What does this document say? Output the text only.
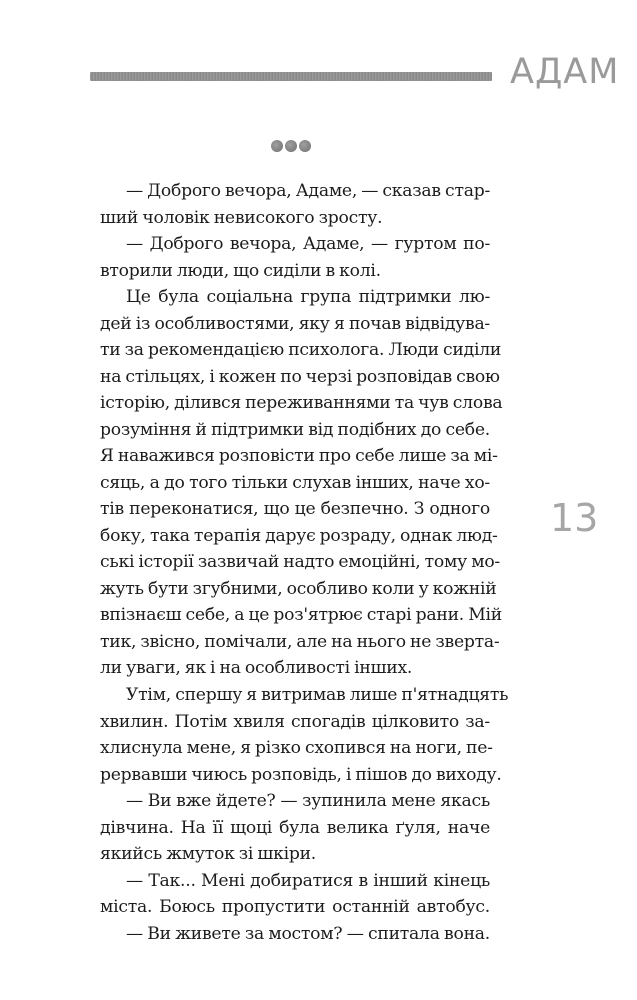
АДАМ
13
— Доброго вечора, Адаме, — сказав стар-
ший чоловік невисокого зросту.
— Доброго вечора, Адаме, — гуртом по-
вторили люди, що сиділи в колі.
Це була соціальна група підтримки лю-
дей із особливостями, яку я почав відвідува-
ти за рекомендацією психолога. Люди сиділи
на стільцях, і кожен по черзі розповідав свою
історію, ділився переживаннями та чув слова
розуміння й підтримки від подібних до себе.
Я наважився розповісти про себе лише за мі-
сяць, а до того тільки слухав інших, наче хо-
тів переконатися, що це безпечно. З одного
боку, така терапія дарує розраду, однак люд-
ські історії зазвичай надто емоційні, тому мо-
жуть бути згубними, особливо коли у кожній
впізнаєш себе, а це роз'ятрює старі рани. Мій
тик, звісно, помічали, але на нього не зверта-
ли уваги, як і на особливості інших.
Утім, спершу я витримав лише п'ятнадцять
хвилин. Потім хвиля спогадів цілковито за-
хлиснула мене, я різко схопився на ноги, пе-
рервавши чиюсь розповідь, і пішов до виходу.
— Ви вже йдете? — зупинила мене якась
дівчина. На її щоці була велика ґуля, наче
якийсь жмуток зі шкіри.
— Так... Мені добиратися в інший кінець
міста. Боюсь пропустити останній автобус.
— Ви живете за мостом? — спитала вона.
